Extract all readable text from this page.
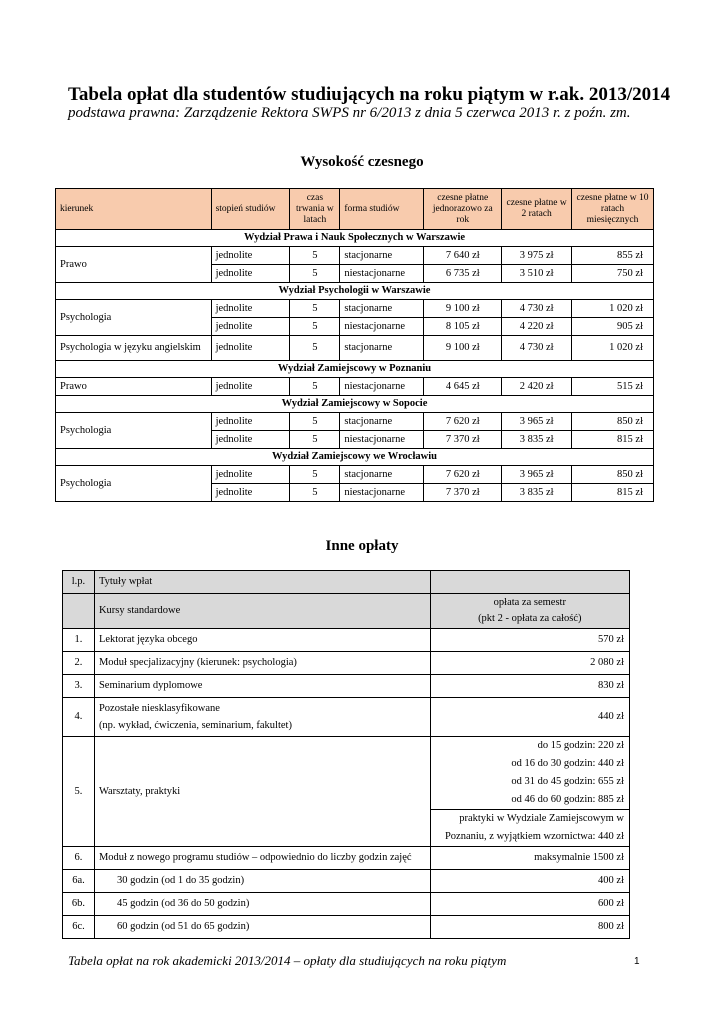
Tabela opłat dla studentów studiujących na roku piątym w r.ak. 2013/2014
podstawa prawna: Zarządzenie Rektora SWPS nr 6/2013 z dnia 5 czerwca 2013 r. z poźn. zm.
Wysokość czesnego
kierunek	stopień studiów	czas trwania w latach	forma studiów	czesne płatne jednorazowo za rok	czesne płatne w 2 ratach	czesne płatne w 10 ratach miesięcznych
Wydział Prawa i Nauk Społecznych w Warszawie						
Prawo	jednolite	5	stacjonarne	7 640 zł	3 975 zł	855 zł
	jednolite	5	niestacjonarne	6 735 zł	3 510 zł	750 zł
Wydział Psychologii w Warszawie						
Psychologia	jednolite	5	stacjonarne	9 100 zł	4 730 zł	1 020 zł
	jednolite	5	niestacjonarne	8 105 zł	4 220 zł	905 zł
Psychologia w języku angielskim	jednolite	5	stacjonarne	9 100 zł	4 730 zł	1 020 zł
Wydział Zamiejscowy w Poznaniu						
Prawo	jednolite	5	niestacjonarne	4 645 zł	2 420 zł	515 zł
Wydział Zamiejscowy w Sopocie						
Psychologia	jednolite	5	stacjonarne	7 620 zł	3 965 zł	850 zł
	jednolite	5	niestacjonarne	7 370 zł	3 835 zł	815 zł
Wydział Zamiejscowy we Wrocławiu						
Psychologia	jednolite	5	stacjonarne	7 620 zł	3 965 zł	850 zł
	jednolite	5	niestacjonarne	7 370 zł	3 835 zł	815 zł
Inne opłaty
l.p.	Tytuły wpłat	
	Kursy standardowe	opłata za semestr
(pkt 2 - opłata za całość)

1.	Lektorat języka obcego	570 zł
2.	Moduł specjalizacyjny (kierunek: psychologia)	2 080 zł
3.	Seminarium dyplomowe	830 zł
4.	Pozostałe niesklasyfikowane
(np. wykład, ćwiczenia, seminarium, fakultet)	440 zł
5.	Warsztaty, praktyki	do 15 godzin: 220 zł
od 16 do 30 godzin: 440 zł
od 31 do 45 godzin: 655 zł
od 46 do 60 godzin: 885 zł

		praktyki w Wydziale Zamiejscowym w
Poznaniu, z wyjątkiem wzornictwa: 440 zł

6.	Moduł z nowego programu studiów – odpowiednio do liczby godzin zajęć	maksymalnie 1500 zł
6a.	30 godzin (od 1 do 35 godzin)	400 zł
6b.	45 godzin (od 36 do 50 godzin)	600 zł
6c.	60 godzin (od 51 do 65 godzin)	800 zł
Tabela opłat na rok akademicki 2013/2014 – opłaty dla studiujących na roku piątym	1
